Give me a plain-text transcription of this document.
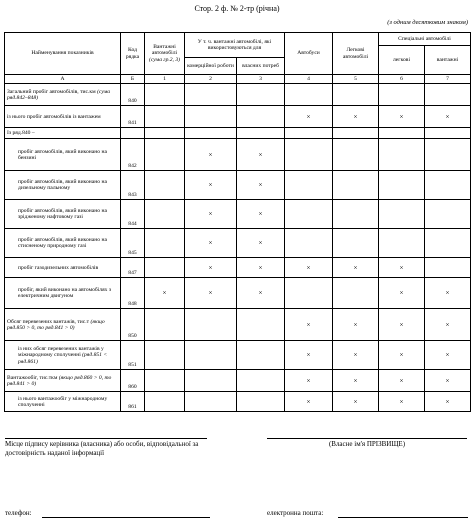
Стор. 2 ф. № 2-тр (річна)
(з одним десятковим знаком)
Найменування показників	Код рядка	Вантажні автомобілі
(сума гр.2, 3)	У т. ч. вантажні автомобілі, які використовуються для		Автобуси	Легкові автомобілі	Спеціальні автомобілі	
							легкові	вантажні
			комерційної роботи	власних потреб				
А	Б	1	2	3	4	5	6	7
Загальний пробіг автомобілів, тис.км (сума ряд.842–848)	840							
із нього пробіг автомобілів із вантажем	841				×	×	×	×
Із ряд.840 –								
пробіг автомобілів, який виконано на бензині	842		×	×				
пробіг автомобілів, який виконано на дизельному пальному	843		×	×				
пробіг автомобілів, який виконано на зрідженому нафтовому газі	844		×	×				
пробіг автомобілів, який виконано на стиснeному природному газі	845		×	×				
пробіг газодизельних автомобілів	847		×	×	×	×	×	
пробіг, який виконано на автомобілях з електричним двигуном	848	×	×	×			×	×
Обсяг перевезених вантажів, тис.т (якщо ряд.850 > 0, то ряд.841 > 0)	850				×	×	×	×
із них обсяг перевезених вантажів у міжнародному сполученні (ряд.851 < ряд.861)	851				×	×	×	×
Вантажообіг, тис.ткм (якщо ряд.860 > 0, то ряд.841 > 0)	860				×	×	×	×
із нього вантажообіг у міжнародному сполученні	861				×	×	×	×
Місце підпису керівника (власника) або особи, відповідальної за достовірність наданої інформації
(Власне ім'я ПРІЗВИЩЕ)
телефон:	електронна пошта:
